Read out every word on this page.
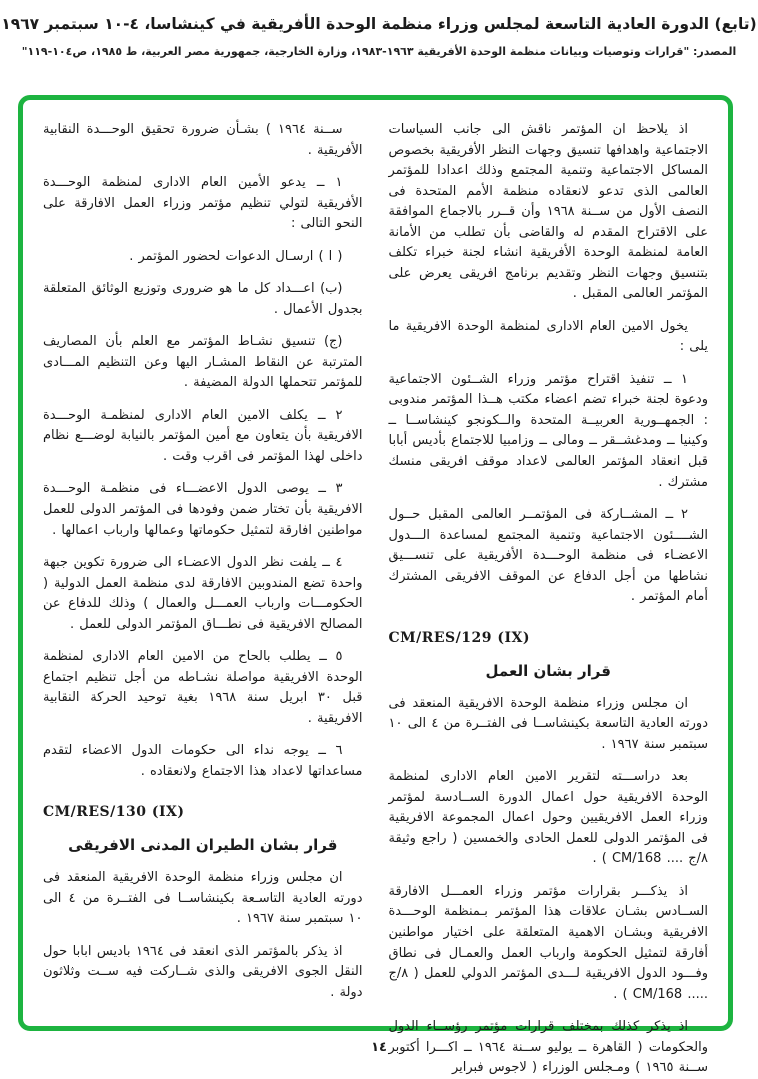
(تابع) الدورة العادية التاسعة لمجلس وزراء منظمة الوحدة الأفريقية في كينشاسا، ٤-١٠ سبتمبر ١٩٦٧
المصدر: "قرارات وتوصيات وبيانات منظمة الوحدة الأفريقية ١٩٦٣-١٩٨٣، وزارة الخارجية، جمهورية مصر العربية، ط ١٩٨٥، ص١٠٤-١١٩"
اذ يلاحظ ان المؤتمر ناقش الى جانب السياسات الاجتماعية واهدافها تنسيق وجهات النظر الأفريقية بخصوص المساكل الاجتماعية وتنمية المجتمع وذلك اعدادا للمؤتمر العالمى الذى تدعو لانعقاده منظمة الأمم المتحدة فى النصف الأول من ســنة ١٩٦٨ وأن قــرر بالاجماع الموافقة على الاقتراح المقدم له والقاضى بأن تطلب من الأمانة العامة لمنظمة الوحدة الأفريقية انشاء لجنة خبراء تكلف بتنسيق وجهات النظر وتقديم برنامج افريقى يعرض على المؤتمر العالمى المقبل .
يخول الامين العام الادارى لمنظمة الوحدة الافريقية ما يلى :
١ ــ تنفيذ اقتراح مؤتمر وزراء الشــئون الاجتماعية ودعوة لجنة خبراء تضم اعضاء مكتب هــذا المؤتمر مندوبى : الجمهــورية العربيــة المتحدة والــكونجو كينشاســا ــ وكينيا ــ ومدغشــقر ــ ومالى ــ وزامبيا للاجتماع بأديس أبابا قبل انعقاد المؤتمر العالمى لاعداد موقف افريقى منسك مشترك .
٢ ــ المشــاركة فى المؤتمــر العالمى المقبل حــول الشــــئون الاجتماعية وتنمية المجتمع لمساعدة الـــدول الاعضـاء فى منظمة الوحـــدة الأفريقية على تنســـيق نشاطها من أجل الدفاع عن الموقف الافريقى المشترك أمام المؤتمر .
CM/RES/129 (IX)
قرار بشان العمل
ان مجلس وزراء منظمة الوحدة الافريقية المنعقد فى دورته العادية التاسعة بكينشاســا فى الفتــرة من ٤ الى ١٠ سبتمبر سنة ١٩٦٧ .
بعد دراســـته لتقرير الامين العام الادارى لمنظمة الوحدة الافريقية حول اعمال الدورة الســادسة لمؤتمر وزراء العمل الافريقيين وحول اعمال المجموعة الافريقية فى المؤتمر الدولى للعمل الحادى والخمسين ( راجع وثيقة ٨/ج .... CM/168 ) .
اذ يذكـــر بقرارات مؤتمر وزراء العمـــل الافارقة الســادس بشـان علاقات هذا المؤتمر بـمنظمة الوحـــدة الافريقية وبشـان الاهمية المتعلقة على اختيار مواطنين أفارقة لتمثيل الحكومة وارباب العمل والعمـال فى نطاق وفـــود الدول الافريقية لـــدى المؤتمر الدولي للعمل ( ٨/ج ..... CM/168 ) .
اذ يذكر كذلك بمختلف قرارات مؤتمر رؤســاء الدول والحكومات ( القاهرة ــ يوليو ســنة ١٩٦٤ ــ اكـــرا أكتوبر ســنة ١٩٦٥ ) ومـجلس الوزراء ( لاجوس فبراير
ســنة ١٩٦٤ ) بشـأن ضرورة تحقيق الوحـــدة النقابية الأفريقية .
١ ــ يدعو الأمين العام الادارى لمنظمة الوحـــدة الأفريقية لتولي تنظيم مؤتمر وزراء العمل الافارقة على النحو التالى :
( ا ) ارسـال الدعوات لحضور المؤتمر .
(ب) اعـــداد كل ما هو ضرورى وتوزيع الوثائق المتعلقة بجدول الأعمال .
(ج) تنسيق نشـاط المؤتمر مع العلم بأن المصاريف المترتبة عن النقاط المشـار اليها وعن التنظيم المـــادى للمؤتمر تتحملها الدولة المضيفة .
٢ ــ يكلف الامين العام الادارى لمنظمـة الوحـــدة الافريقية بأن يتعاون مع أمين المؤتمر بالنيابة لوضـــع نظام داخلى لهذا المؤتمر فى اقرب وقت .
٣ ــ يوصى الدول الاعضـــاء فى منظمـة الوحـــدة الافريقية بأن تختار ضمن وفودها فى المؤتمر الدولى للعمل مواطنين افارقة لتمثيل حكوماتها وعمالها وارباب اعمالها .
٤ ــ يلفت نظر الدول الاعضـاء الى ضرورة تكوين جبهة واحدة تضع المندوبين الافارقة لدى منظمة العمل الدولية ( الحكومـــات وارباب العمـــل والعمال ) وذلك للدفاع عن المصالح الافريقية فى نطـــاق المؤتمر الدولى للعمل .
٥ ــ يطلب بالحاح من الامين العام الادارى لمنظمة الوحدة الافريقية مواصلة نشـاطه من أجل تنظيم اجتماع قبل ٣٠ ابريل سنة ١٩٦٨ بغية توحيد الحركة النقابية الافريقية .
٦ ــ يوجه نداء الى حكومات الدول الاعضاء لتقدم مساعداتها لاعداد هذا الاجتماع ولانعقاده .
CM/RES/130 (IX)
قرار بشان الطيران المدنى الافريقى
ان مجلس وزراء منظمة الوحدة الافريقية المنعقد فى دورته العادية التاسـعة بكينشاســا فى الفتــرة من ٤ الى ١٠ سبتمبر سنة ١٩٦٧ .
اذ يذكر بالمؤتمر الذى انعقد فى ١٩٦٤ باديس ابابا حول النقل الجوى الافريقى والذى شــاركت فيه ســت وثلاثون دولة .
١٤
